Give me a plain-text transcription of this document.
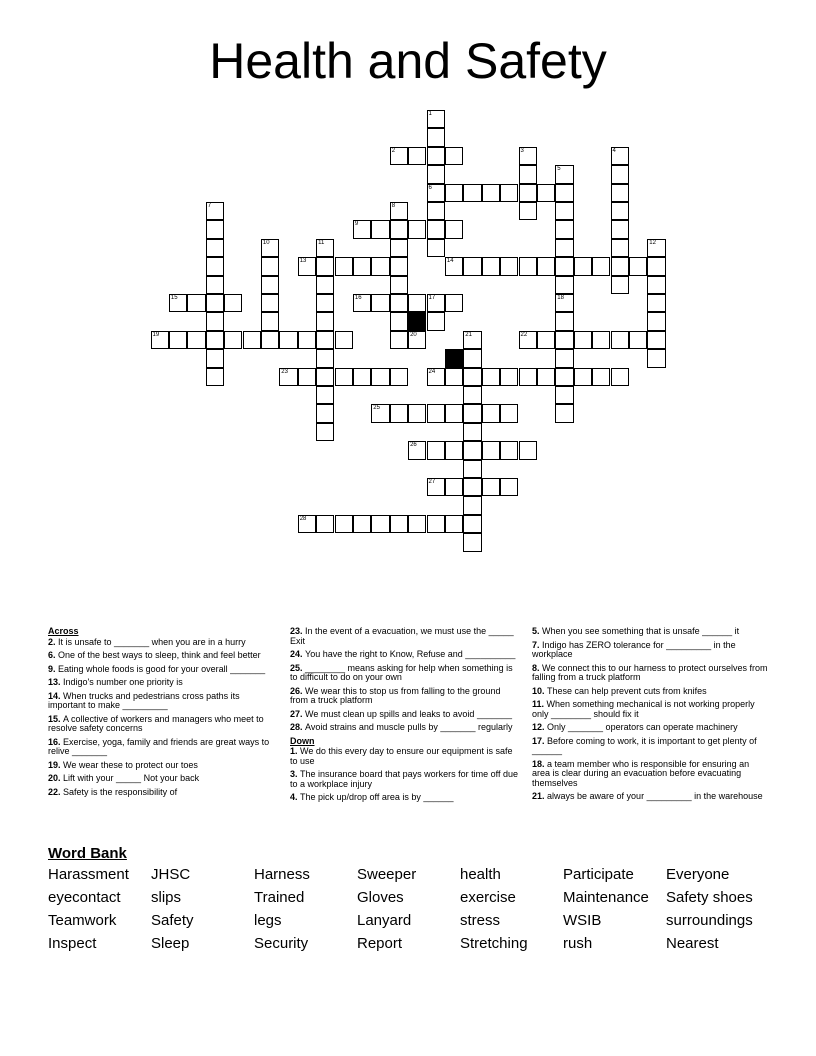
Health and Safety
1
6
2	3	4
5
7	8
9
10	11	12
13	14
15	16	17	18
19	20	21	22
23	24
25
26
27
28
Across
2. It is unsafe to _______ when you are in a hurry
6. One of the best ways to sleep, think and feel better
9. Eating whole foods is good for your overall _______
13. Indigo's number one priority is
14. When trucks and pedestrians cross paths its important to make _________
15. A collective of workers and managers who meet to resolve safety concerns
16. Exercise, yoga, family and friends are great ways to relive _______
19. We wear these to protect our toes
20. Lift with your _____ Not your back
22. Safety is the responsibility of
23. In the event of a evacuation, we must use the _____ Exit
24. You have the right to Know, Refuse and __________
25. ________ means asking for help when something is to difficult to do on your own
26. We wear this to stop us from falling to the ground from a truck platform
27. We must clean up spills and leaks to avoid _______
28. Avoid strains and muscle pulls by _______ regularly
Down
1. We do this every day to ensure our equipment is safe to use
3. The insurance board that pays workers for time off due to a workplace injury
4. The pick up/drop off area is by ______
5. When you see something that is unsafe ______ it
7. Indigo has ZERO tolerance for _________ in the workplace
8. We connect this to our harness to protect ourselves from falling from a truck platform
10. These can help prevent cuts from knifes
11. When something mechanical is not working properly only ________ should fix it
12. Only _______ operators can operate machinery
17. Before coming to work, it is important to get plenty of ______
18. a team member who is responsible for ensuring an area is clear during an evacuation before evacuating themselves
21. always be aware of your _________ in the warehouse
Word Bank
Harassment	JHSC	Harness	Sweeper	health	Participate	Everyone
eyecontact	slips	Trained	Gloves	exercise	Maintenance	Safety shoes
Teamwork	Safety	legs	Lanyard	stress	WSIB	surroundings
Inspect	Sleep	Security	Report	Stretching	rush	Nearest
